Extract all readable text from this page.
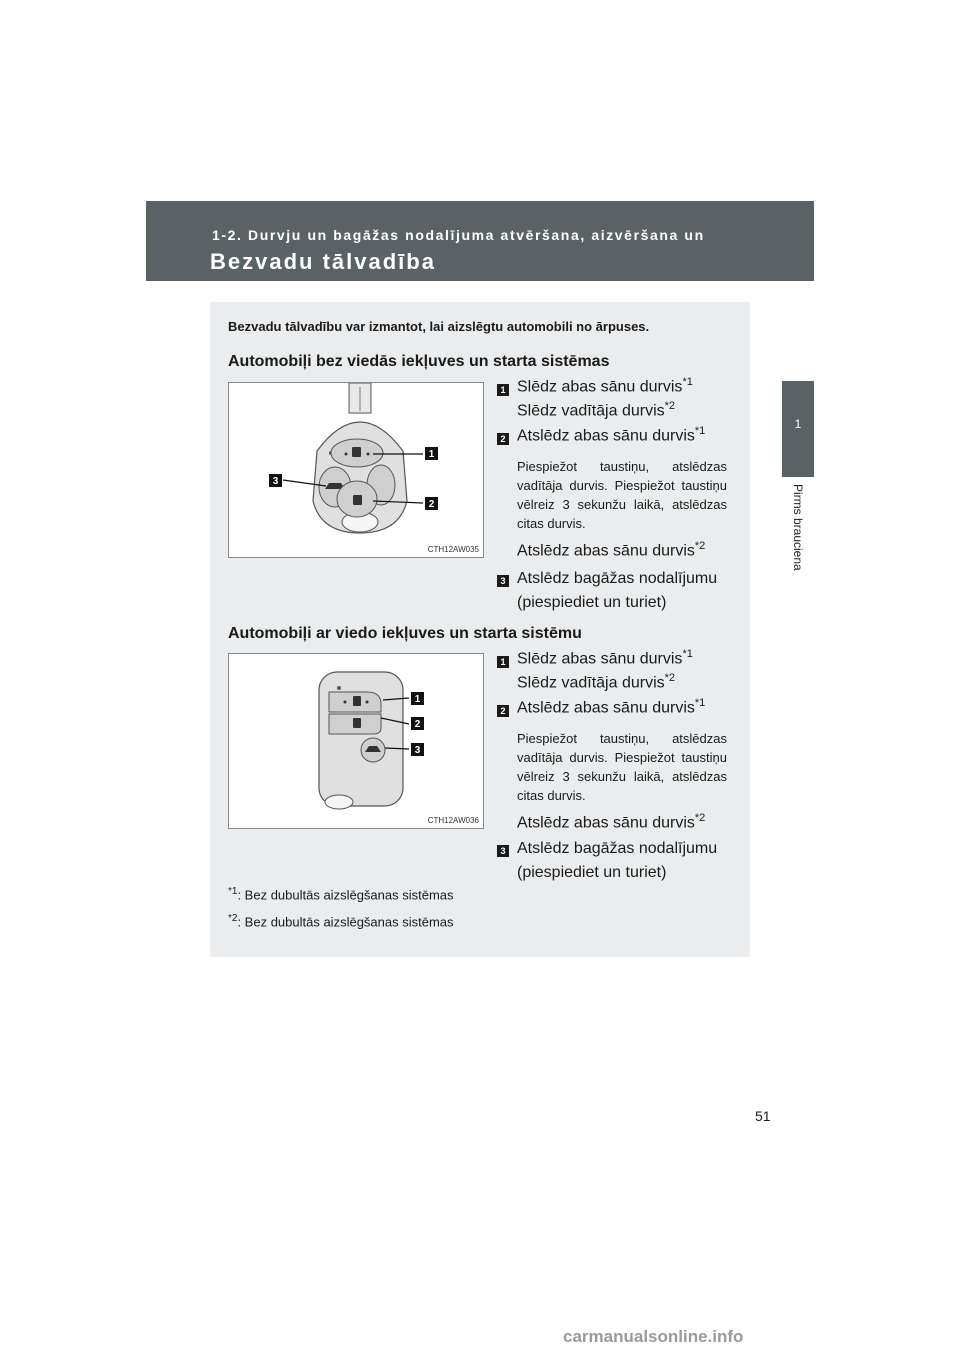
1-2. Durvju un bagāžas nodalījuma atvēršana, aizvēršana un
Bezvadu tālvadība
1
Pirms brauciena
Bezvadu tālvadību var izmantot, lai aizslēgtu automobili no ārpuses.
Automobiļi bez viedās iekļuves un starta sistēmas
1
2
3
CTH12AW035
1 Slēdz abas sānu durvis$^{*1}$
Slēdz vadītāja durvis$^{*2}$
2 Atslēdz abas sānu durvis$^{*1}$
Piespiežot taustiņu, atslēdzas vadītāja durvis. Piespiežot taustiņu vēlreiz 3 sekunžu laikā, atslēdzas citas durvis.
Atslēdz abas sānu durvis$^{*2}$
3 Atslēdz bagāžas nodalījumu
(piespiediet un turiet)
Automobiļi ar viedo iekļuves un starta sistēmu
1
2
3
CTH12AW036
1 Slēdz abas sānu durvis$^{*1}$
Slēdz vadītāja durvis$^{*2}$
2 Atslēdz abas sānu durvis$^{*1}$
Piespiežot taustiņu, atslēdzas vadītāja durvis. Piespiežot taustiņu vēlreiz 3 sekunžu laikā, atslēdzas citas durvis.
Atslēdz abas sānu durvis$^{*2}$
3 Atslēdz bagāžas nodalījumu
(piespiediet un turiet)
$^{*1}$: Bez dubultās aizslēgšanas sistēmas
$^{*2}$: Bez dubultās aizslēgšanas sistēmas
51
carmanualsonline.info
